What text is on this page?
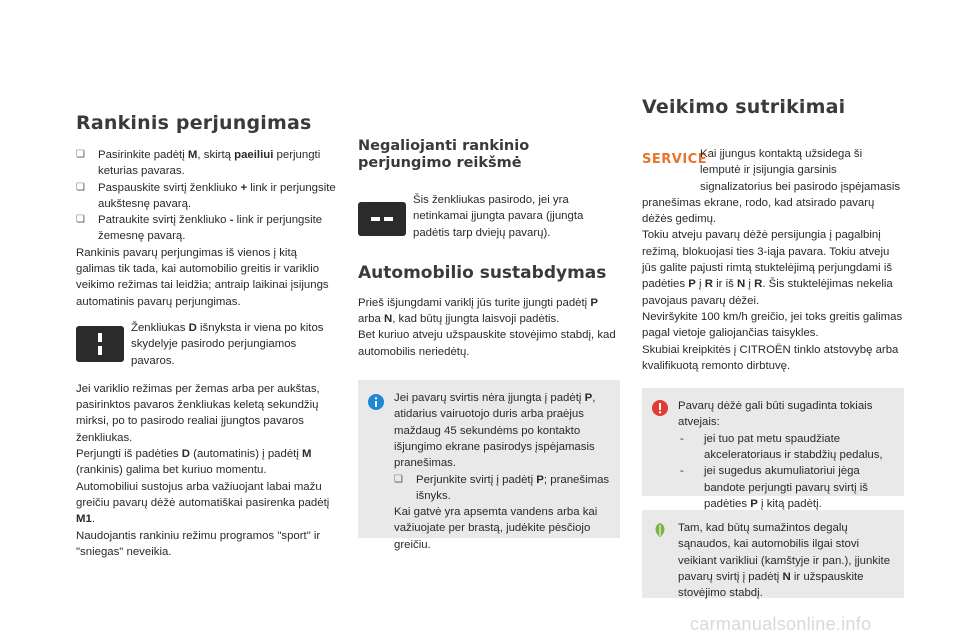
Rankinis perjungimas
❏	Pasirinkite padėtį M, skirtą paeiliui perjungti keturias pavaras.
❏	Paspauskite svirtį ženkliuko + link ir perjungsite aukštesnę pavarą.
❏	Patraukite svirtį ženkliuko - link ir perjungsite žemesnę pavarą.

Rankinis pavarų perjungimas iš vienos į kitą galimas tik tada, kai automobilio greitis ir variklio veikimo režimas tai leidžia; antraip laikinai įsijungs automatinis pavarų perjungimas.

Ženkliukas D išnyksta ir viena po kitos skydelyje pasirodo perjungiamos pavaros.

Jei variklio režimas per žemas arba per aukštas, pasirinktos pavaros ženkliukas keletą sekundžių mirksi, po to pasirodo realiai įjungtos pavaros ženkliukas.

Perjungti iš padėties D (automatinis) į padėtį M (rankinis) galima bet kuriuo momentu.

Automobiliui sustojus arba važiuojant labai mažu greičiu pavarų dėžė automatiškai pasirenka padėtį M1.

Naudojantis rankiniu režimu programos "sport" ir "sniegas" neveikia.

Negaliojanti rankinio perjungimo reikšmė

Šis ženkliukas pasirodo, jei yra netinkamai įjungta pavara (įjungta padėtis tarp dviejų pavarų).

Automobilio sustabdymas

Prieš išjungdami variklį jūs turite įjungti padėtį P arba N, kad būtų įjungta laisvoji padėtis.

Bet kuriuo atveju užspauskite stovėjimo stabdį, kad automobilis neriedėtų.

Jei pavarų svirtis nėra įjungta į padėtį P, atidarius vairuotojo duris arba praėjus maždaug 45 sekundėms po kontakto išjungimo ekrane pasirodys įspėjamasis pranešimas.

❏	Perjunkite svirtį į padėtį P; pranešimas išnyks.

Kai gatvė yra apsemta vandens arba kai važiuojate per brastą, judėkite pėsčiojo greičiu.

Veikimo sutrikimai
SERVICE

Kai įjungus kontaktą užsidega ši lemputė ir įsijungia garsinis signalizatorius bei pasirodo įspėjamasis pranešimas ekrane, rodo, kad atsirado pavarų dėžės gedimų.

Tokiu atveju pavarų dėžė persijungia į pagalbinį režimą, blokuojasi ties 3-iąja pavara. Tokiu atveju jūs galite pajusti rimtą stuktelėjimą perjungdami iš padėties P į R ir iš N į R. Šis stuktelėjimas nekelia pavojaus pavarų dėžei.

Neviršykite 100 km/h greičio, jei toks greitis galimas pagal vietoje galiojančias taisykles.

Skubiai kreipkitės į CITROËN tinklo atstovybę arba kvalifikuotą remonto dirbtuvę.

Pavarų dėžė gali būti sugadinta tokiais atvejais:

-	jei tuo pat metu spaudžiate akceleratoriaus ir stabdžių pedalus,
-	jei sugedus akumuliatoriui jėga bandote perjungti pavarų svirtį iš padėties P į kitą padėtį.

Tam, kad būtų sumažintos degalų sąnaudos, kai automobilis ilgai stovi veikiant varikliui (kamštyje ir pan.), įjunkite pavarų svirtį į padėtį N ir užspauskite stovėjimo stabdį.

carmanualsonline.info
